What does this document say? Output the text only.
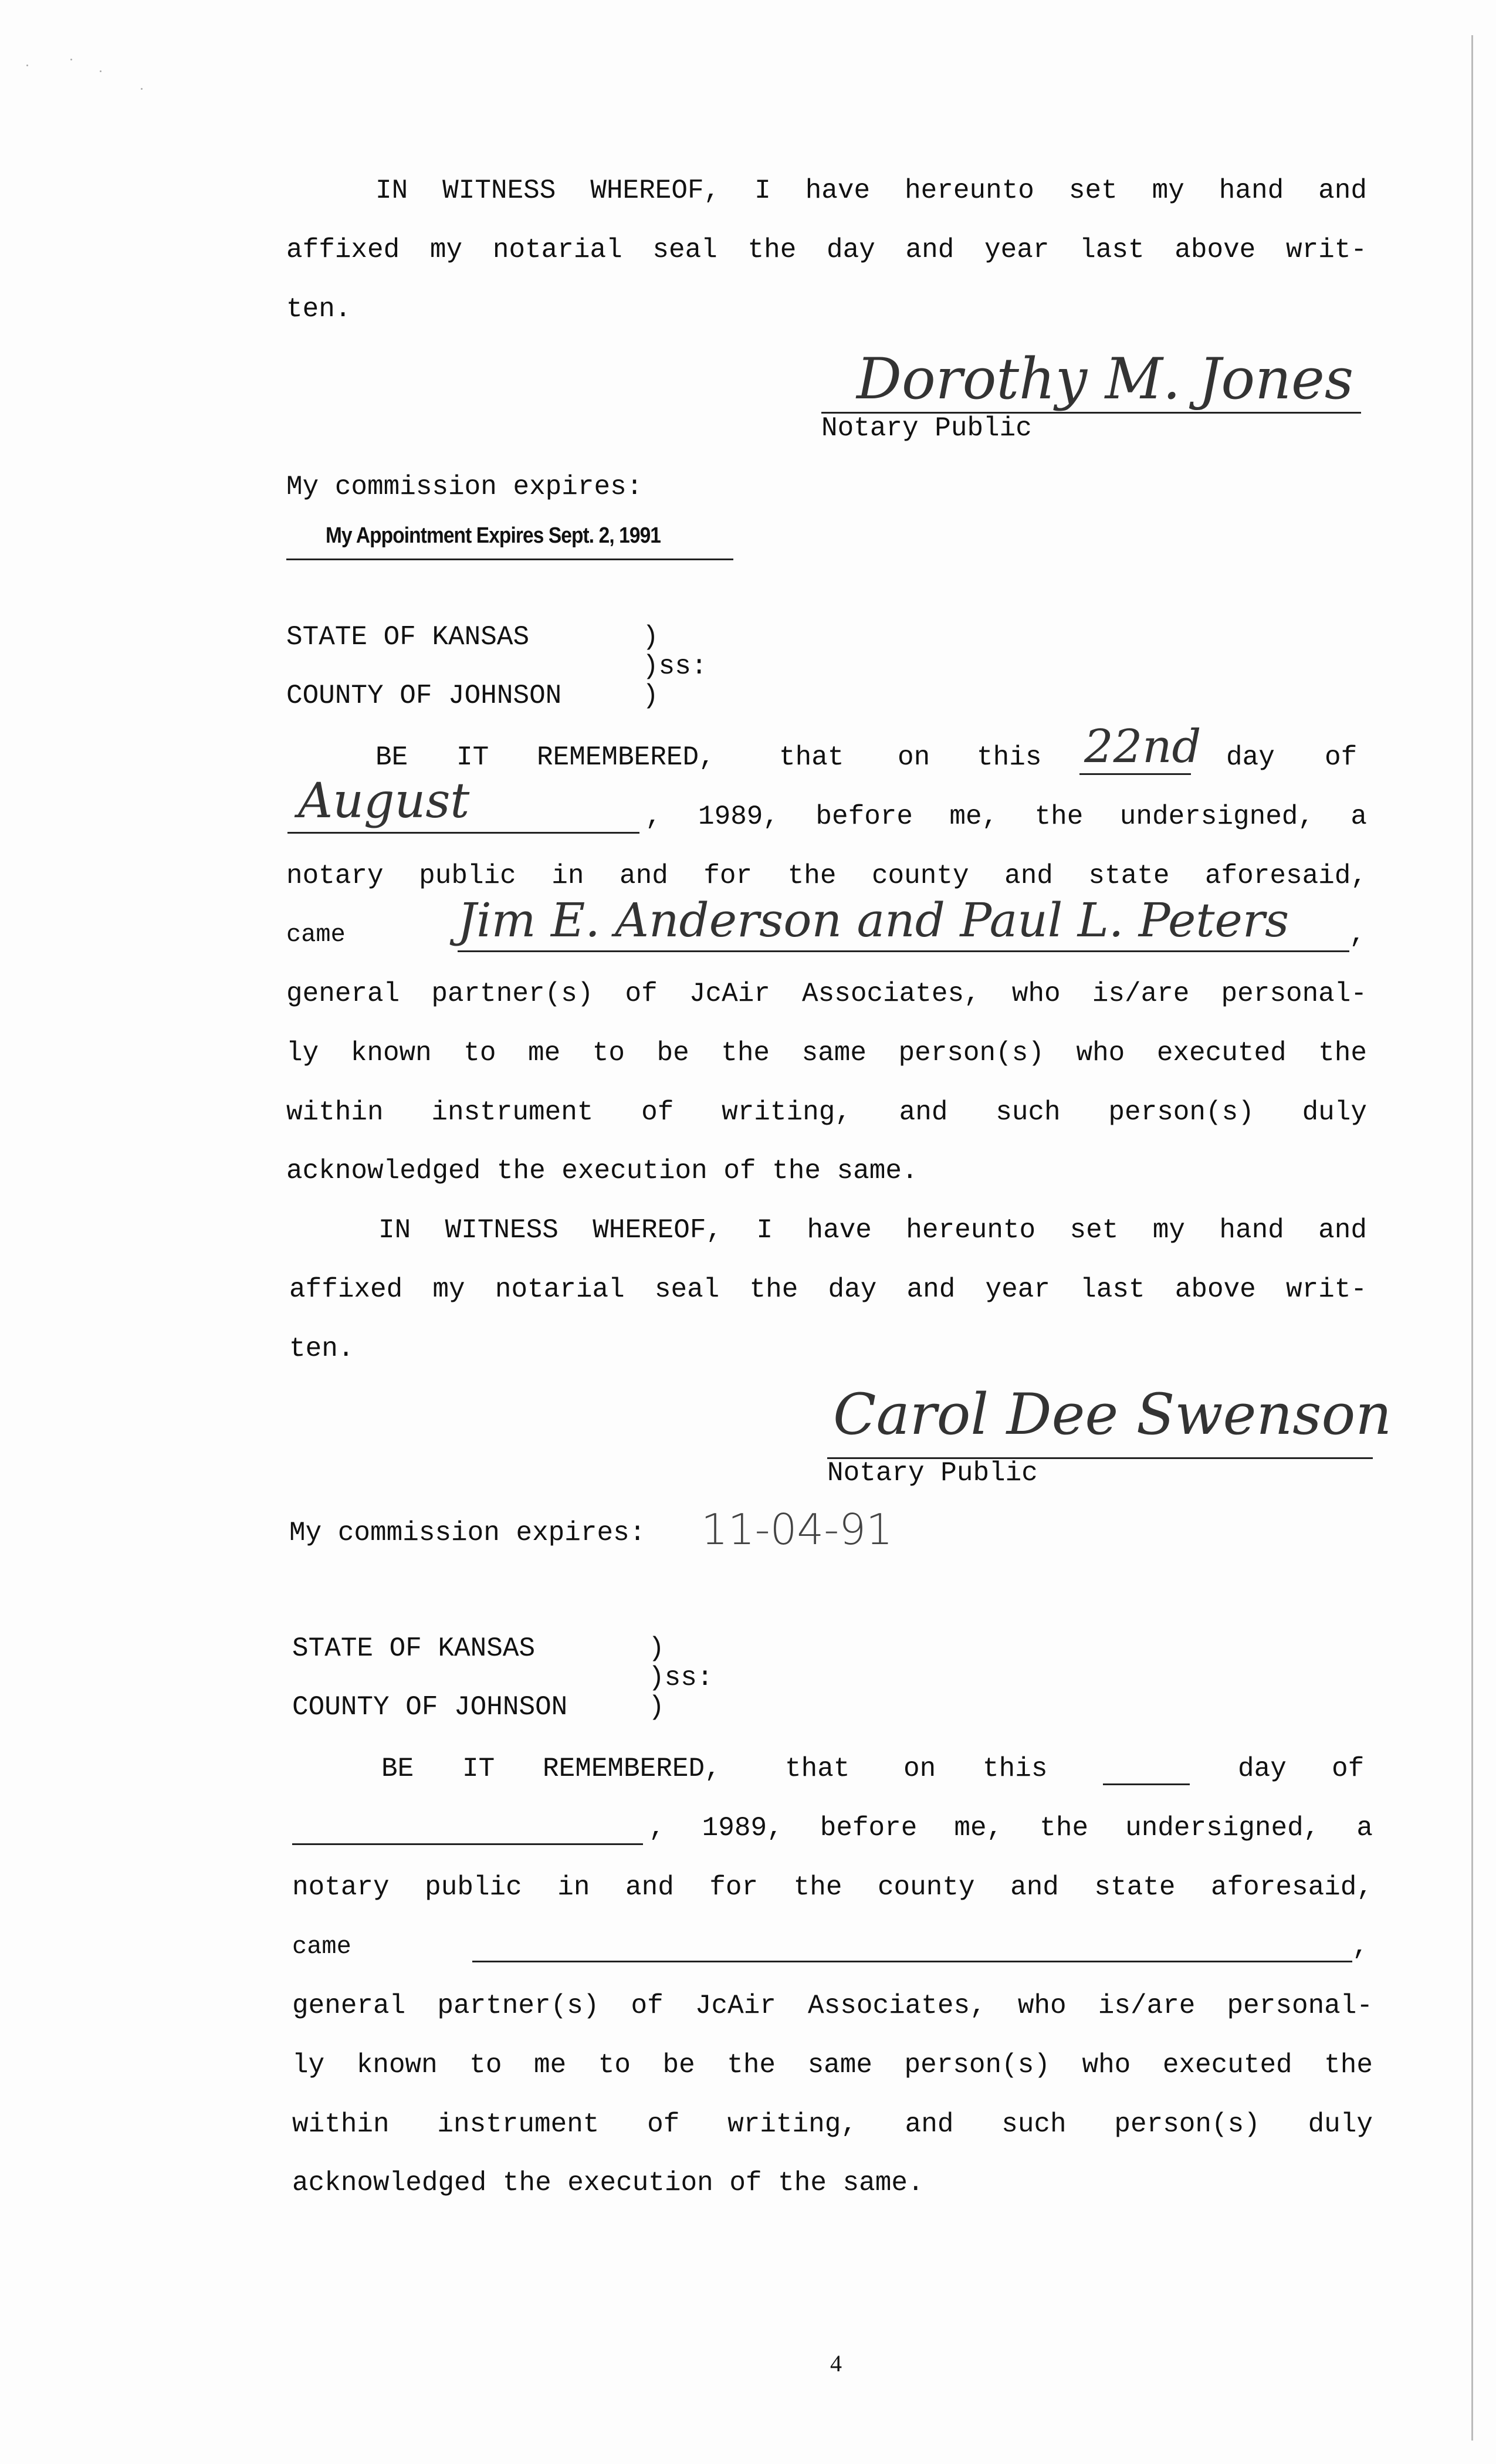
IN WITNESS WHEREOF, I have hereunto set my hand and
affixed my notarial seal the day and year last above writ-
ten.
Dorothy M. Jones
Notary Public
My commission expires:
My Appointment Expires Sept. 2, 1991
STATE OF KANSAS	)
)ss:
COUNTY OF JOHNSON	)
BE IT REMEMBERED, that on this 22nd day of
August	, 1989, before me, the undersigned, a
notary public in and for the county and state aforesaid,
came Jim E. Anderson and Paul L. Peters ,
general partner(s) of JcAir Associates, who is/are personal-
ly known to me to be the same person(s) who executed the
within instrument of writing, and such person(s) duly
acknowledged the execution of the same.
IN WITNESS WHEREOF, I have hereunto set my hand and
affixed my notarial seal the day and year last above writ-
ten.
Carol Dee Swenson
Notary Public
My commission expires: 11-04-91
STATE OF KANSAS	)
)ss:
COUNTY OF JOHNSON	)
BE IT REMEMBERED, that on this	day of
, 1989, before me, the undersigned, a
notary public in and for the county and state aforesaid,
came	,
general partner(s) of JcAir Associates, who is/are personal-
ly known to me to be the same person(s) who executed the
within instrument of writing, and such person(s) duly
acknowledged the execution of the same.
4
